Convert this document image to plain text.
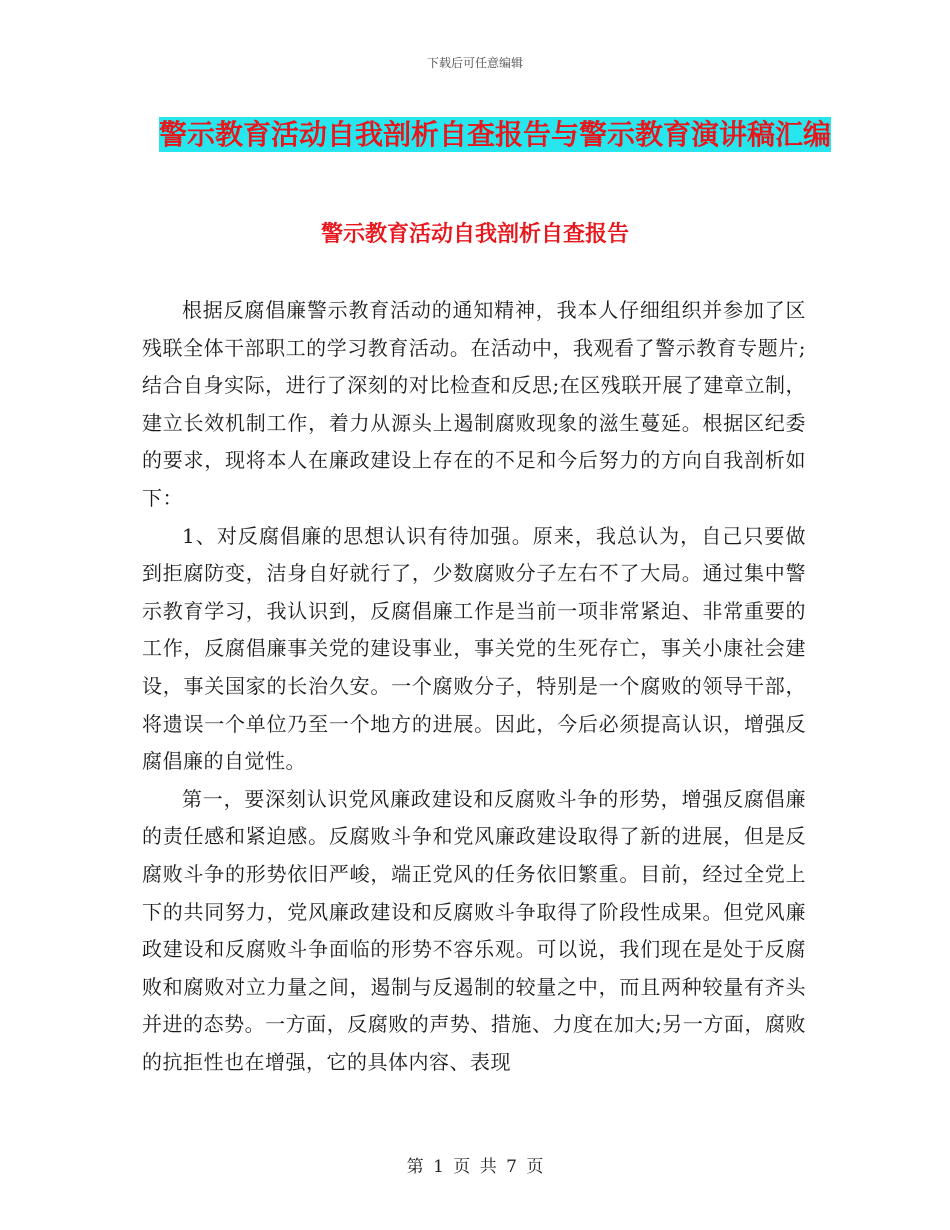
下载后可任意编辑
警示教育活动自我剖析自查报告与警示教育演讲稿汇编
警示教育活动自我剖析自查报告

根据反腐倡廉警示教育活动的通知精神，我本人仔细组织并参加了区残联全体干部职工的学习教育活动。在活动中，我观看了警示教育专题片;结合自身实际，进行了深刻的对比检查和反思;在区残联开展了建章立制，建立长效机制工作，着力从源头上遏制腐败现象的滋生蔓延。根据区纪委的要求，现将本人在廉政建设上存在的不足和今后努力的方向自我剖析如下：

1、对反腐倡廉的思想认识有待加强。原来，我总认为，自己只要做到拒腐防变，洁身自好就行了，少数腐败分子左右不了大局。通过集中警示教育学习，我认识到，反腐倡廉工作是当前一项非常紧迫、非常重要的工作，反腐倡廉事关党的建设事业，事关党的生死存亡，事关小康社会建设，事关国家的长治久安。一个腐败分子，特别是一个腐败的领导干部，将遗误一个单位乃至一个地方的进展。因此，今后必须提高认识，增强反腐倡廉的自觉性。

第一，要深刻认识党风廉政建设和反腐败斗争的形势，增强反腐倡廉的责任感和紧迫感。反腐败斗争和党风廉政建设取得了新的进展，但是反腐败斗争的形势依旧严峻，端正党风的任务依旧繁重。目前，经过全党上下的共同努力，党风廉政建设和反腐败斗争取得了阶段性成果。但党风廉政建设和反腐败斗争面临的形势不容乐观。可以说，我们现在是处于反腐败和腐败对立力量之间，遏制与反遏制的较量之中，而且两种较量有齐头并进的态势。一方面，反腐败的声势、措施、力度在加大;另一方面，腐败的抗拒性也在增强，它的具体内容、表现

第 1 页 共 7 页
